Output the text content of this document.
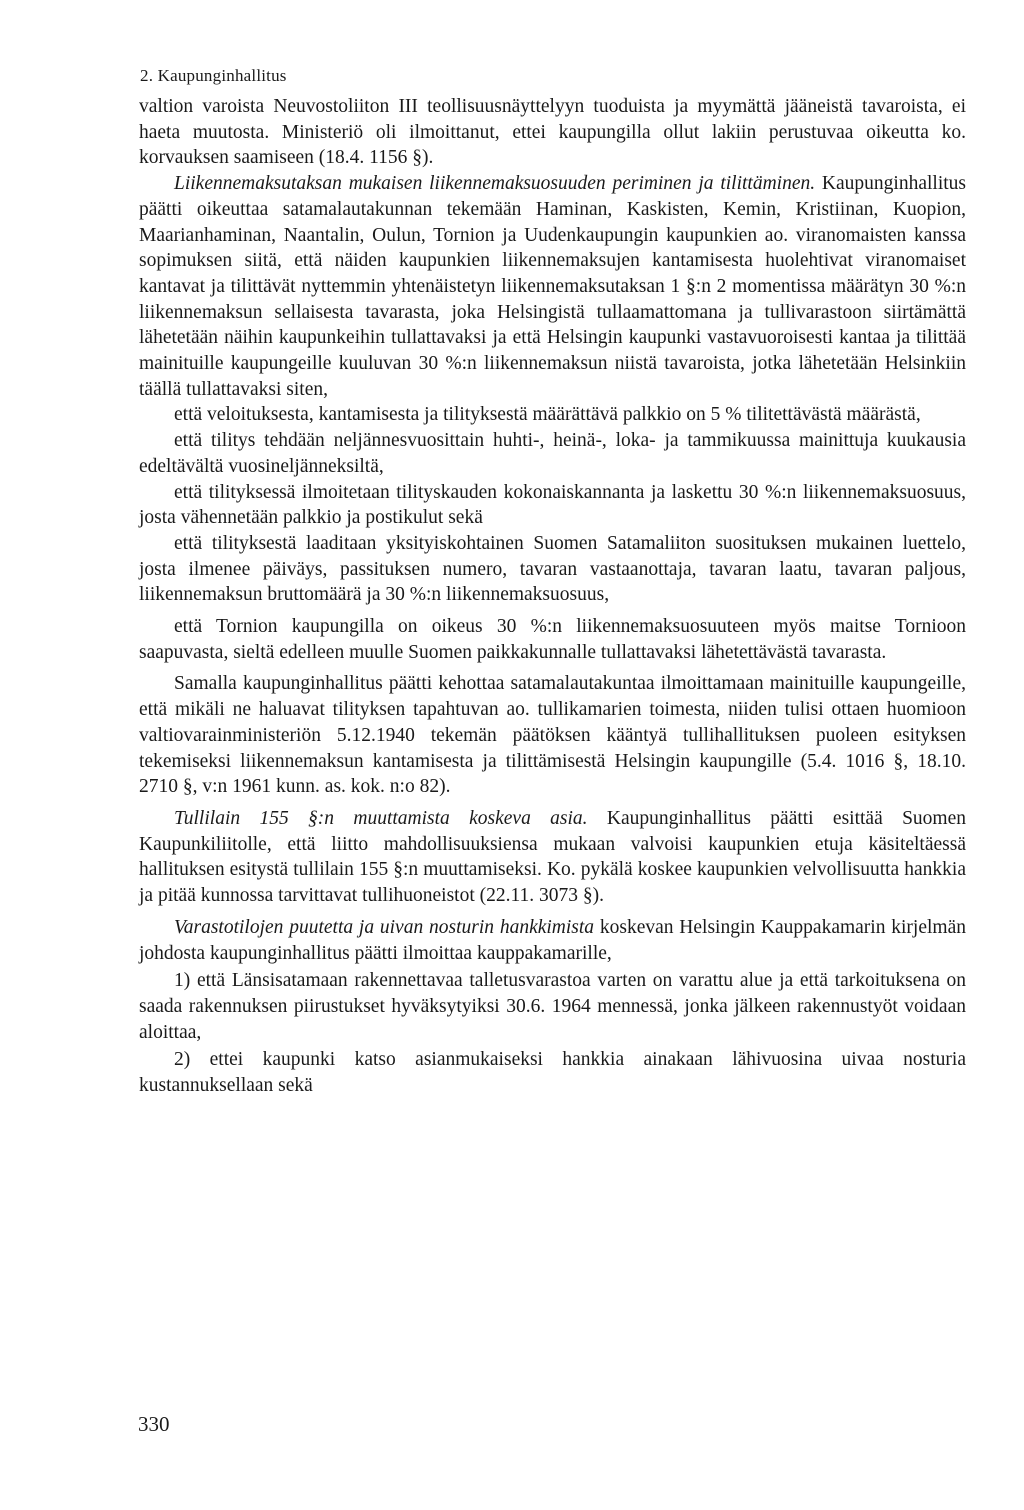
2. Kaupunginhallitus

valtion varoista Neuvostoliiton III teollisuusnäyttelyyn tuoduista ja myymättä jääneistä tavaroista, ei haeta muutosta. Ministeriö oli ilmoittanut, ettei kaupungilla ollut lakiin perustuvaa oikeutta ko. korvauksen saamiseen (18.4. 1156 §).

Liikennemaksutaksan mukaisen liikennemaksuosuuden periminen ja tilittäminen. Kaupunginhallitus päätti oikeuttaa satamalautakunnan tekemään Haminan, Kaskisten, Kemin, Kristiinan, Kuopion, Maarianhaminan, Naantalin, Oulun, Tornion ja Uudenkaupungin kaupunkien ao. viranomaisten kanssa sopimuksen siitä, että näiden kaupunkien liikennemaksujen kantamisesta huolehtivat viranomaiset kantavat ja tilittävät nyttemmin yhtenäistetyn liikennemaksutaksan 1 §:n 2 momentissa määrätyn 30 %:n liikennemaksun sellaisesta tavarasta, joka Helsingistä tullaamattomana ja tullivarastoon siirtämättä lähetetään näihin kaupunkeihin tullattavaksi ja että Helsingin kaupunki vastavuoroisesti kantaa ja tilittää mainituille kaupungeille kuuluvan 30 %:n liikennemaksun niistä tavaroista, jotka lähetetään Helsinkiin täällä tullattavaksi siten,

että veloituksesta, kantamisesta ja tilityksestä määrättävä palkkio on 5 % tilitettävästä määrästä,

että tilitys tehdään neljännesvuosittain huhti-, heinä-, loka- ja tammikuussa mainittuja kuukausia edeltävältä vuosineljänneksiltä,

että tilityksessä ilmoitetaan tilityskauden kokonaiskannanta ja laskettu 30 %:n liikennemaksuosuus, josta vähennetään palkkio ja postikulut sekä

että tilityksestä laaditaan yksityiskohtainen Suomen Satamaliiton suosituksen mukainen luettelo, josta ilmenee päiväys, passituksen numero, tavaran vastaanottaja, tavaran laatu, tavaran paljous, liikennemaksun bruttomäärä ja 30 %:n liikennemaksuosuus,

että Tornion kaupungilla on oikeus 30 %:n liikennemaksuosuuteen myös maitse Tornioon saapuvasta, sieltä edelleen muulle Suomen paikkakunnalle tullattavaksi lähetettävästä tavarasta.

Samalla kaupunginhallitus päätti kehottaa satamalautakuntaa ilmoittamaan mainituille kaupungeille, että mikäli ne haluavat tilityksen tapahtuvan ao. tullikamarien toimesta, niiden tulisi ottaen huomioon valtiovarainministeriön 5.12.1940 tekemän päätöksen kääntyä tullihallituksen puoleen esityksen tekemiseksi liikennemaksun kantamisesta ja tilittämisestä Helsingin kaupungille (5.4. 1016 §, 18.10. 2710 §, v:n 1961 kunn. as. kok. n:o 82).

Tullilain 155 §:n muuttamista koskeva asia. Kaupunginhallitus päätti esittää Suomen Kaupunkiliitolle, että liitto mahdollisuuksiensa mukaan valvoisi kaupunkien etuja käsiteltäessä hallituksen esitystä tullilain 155 §:n muuttamiseksi. Ko. pykälä koskee kaupunkien velvollisuutta hankkia ja pitää kunnossa tarvittavat tullihuoneistot (22.11. 3073 §).

Varastotilojen puutetta ja uivan nosturin hankkimista koskevan Helsingin Kauppakamarin kirjelmän johdosta kaupunginhallitus päätti ilmoittaa kauppakamarille,

1) että Länsisatamaan rakennettavaa talletusvarastoa varten on varattu alue ja että tarkoituksena on saada rakennuksen piirustukset hyväksytyiksi 30.6. 1964 mennessä, jonka jälkeen rakennustyöt voidaan aloittaa,

2) ettei kaupunki katso asianmukaiseksi hankkia ainakaan lähivuosina uivaa nosturia kustannuksellaan sekä

330
